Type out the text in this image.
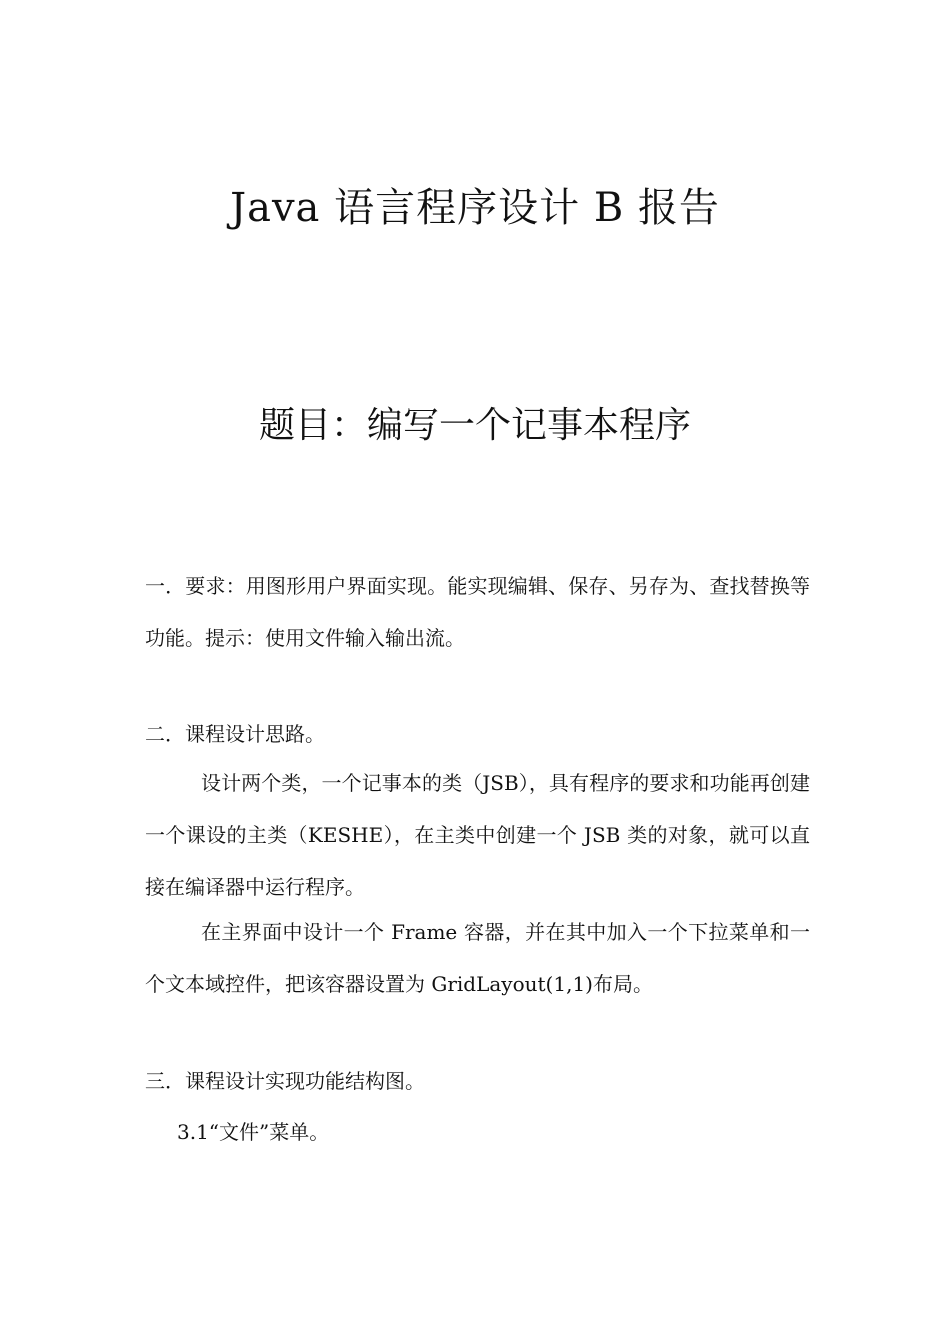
Java 语言程序设计 B 报告
题目：编写一个记事本程序

一．要求：用图形用户界面实现。能实现编辑、保存、另存为、查找替换等功能。提示：使用文件输入输出流。

二．课程设计思路。

设计两个类，一个记事本的类（JSB），具有程序的要求和功能再创建一个课设的主类（KESHE），在主类中创建一个 JSB 类的对象，就可以直接在编译器中运行程序。

在主界面中设计一个 Frame 容器，并在其中加入一个下拉菜单和一个文本域控件，把该容器设置为 GridLayout(1,1)布局。

三．课程设计实现功能结构图。

3.1“文件”菜单。
